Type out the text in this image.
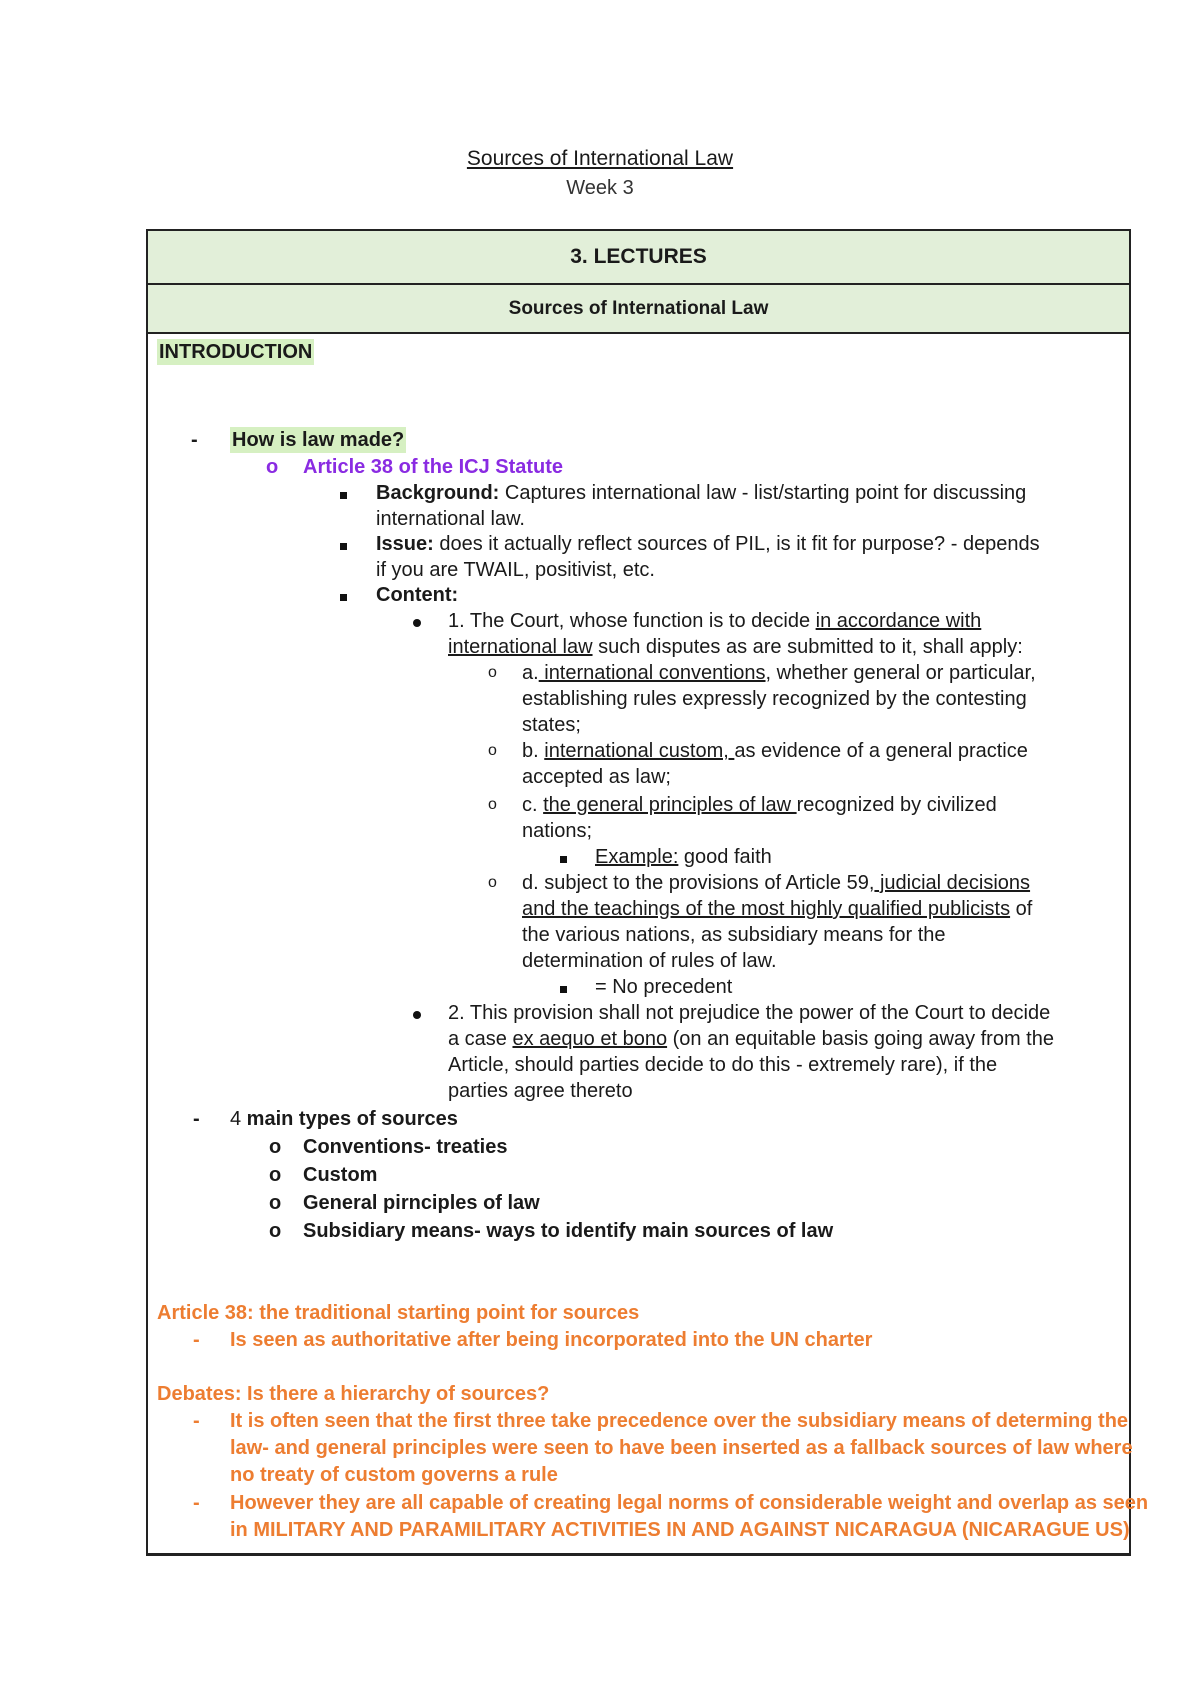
Sources of International Law
Week 3
3. LECTURES
Sources of International Law
INTRODUCTION
- How is law made?
o Article 38 of the ICJ Statute
Background: Captures international law - list/starting point for discussing
international law.
Issue: does it actually reflect sources of PIL, is it fit for purpose? - depends
if you are TWAIL, positivist, etc.
Content:
1. The Court, whose function is to decide in accordance with
international law such disputes as are submitted to it, shall apply:
o a. international conventions, whether general or particular,
establishing rules expressly recognized by the contesting
states;
o b. international custom, as evidence of a general practice
accepted as law;
o c. the general principles of law recognized by civilized
nations;
Example: good faith
o d. subject to the provisions of Article 59, judicial decisions
and the teachings of the most highly qualified publicists of
the various nations, as subsidiary means for the
determination of rules of law.
= No precedent
2. This provision shall not prejudice the power of the Court to decide
a case ex aequo et bono (on an equitable basis going away from the
Article, should parties decide to do this - extremely rare), if the
parties agree thereto
- 4 main types of sources
o Conventions- treaties
o Custom
o General pirnciples of law
o Subsidiary means- ways to identify main sources of law
Article 38: the traditional starting point for sources
- Is seen as authoritative after being incorporated into the UN charter
Debates: Is there a hierarchy of sources?
- It is often seen that the first three take precedence over the subsidiary means of determing the
law- and general principles were seen to have been inserted as a fallback sources of law where
no treaty of custom governs a rule
- However they are all capable of creating legal norms of considerable weight and overlap as seen
in MILITARY AND PARAMILITARY ACTIVITIES IN AND AGAINST NICARAGUA (NICARAGUE US)
